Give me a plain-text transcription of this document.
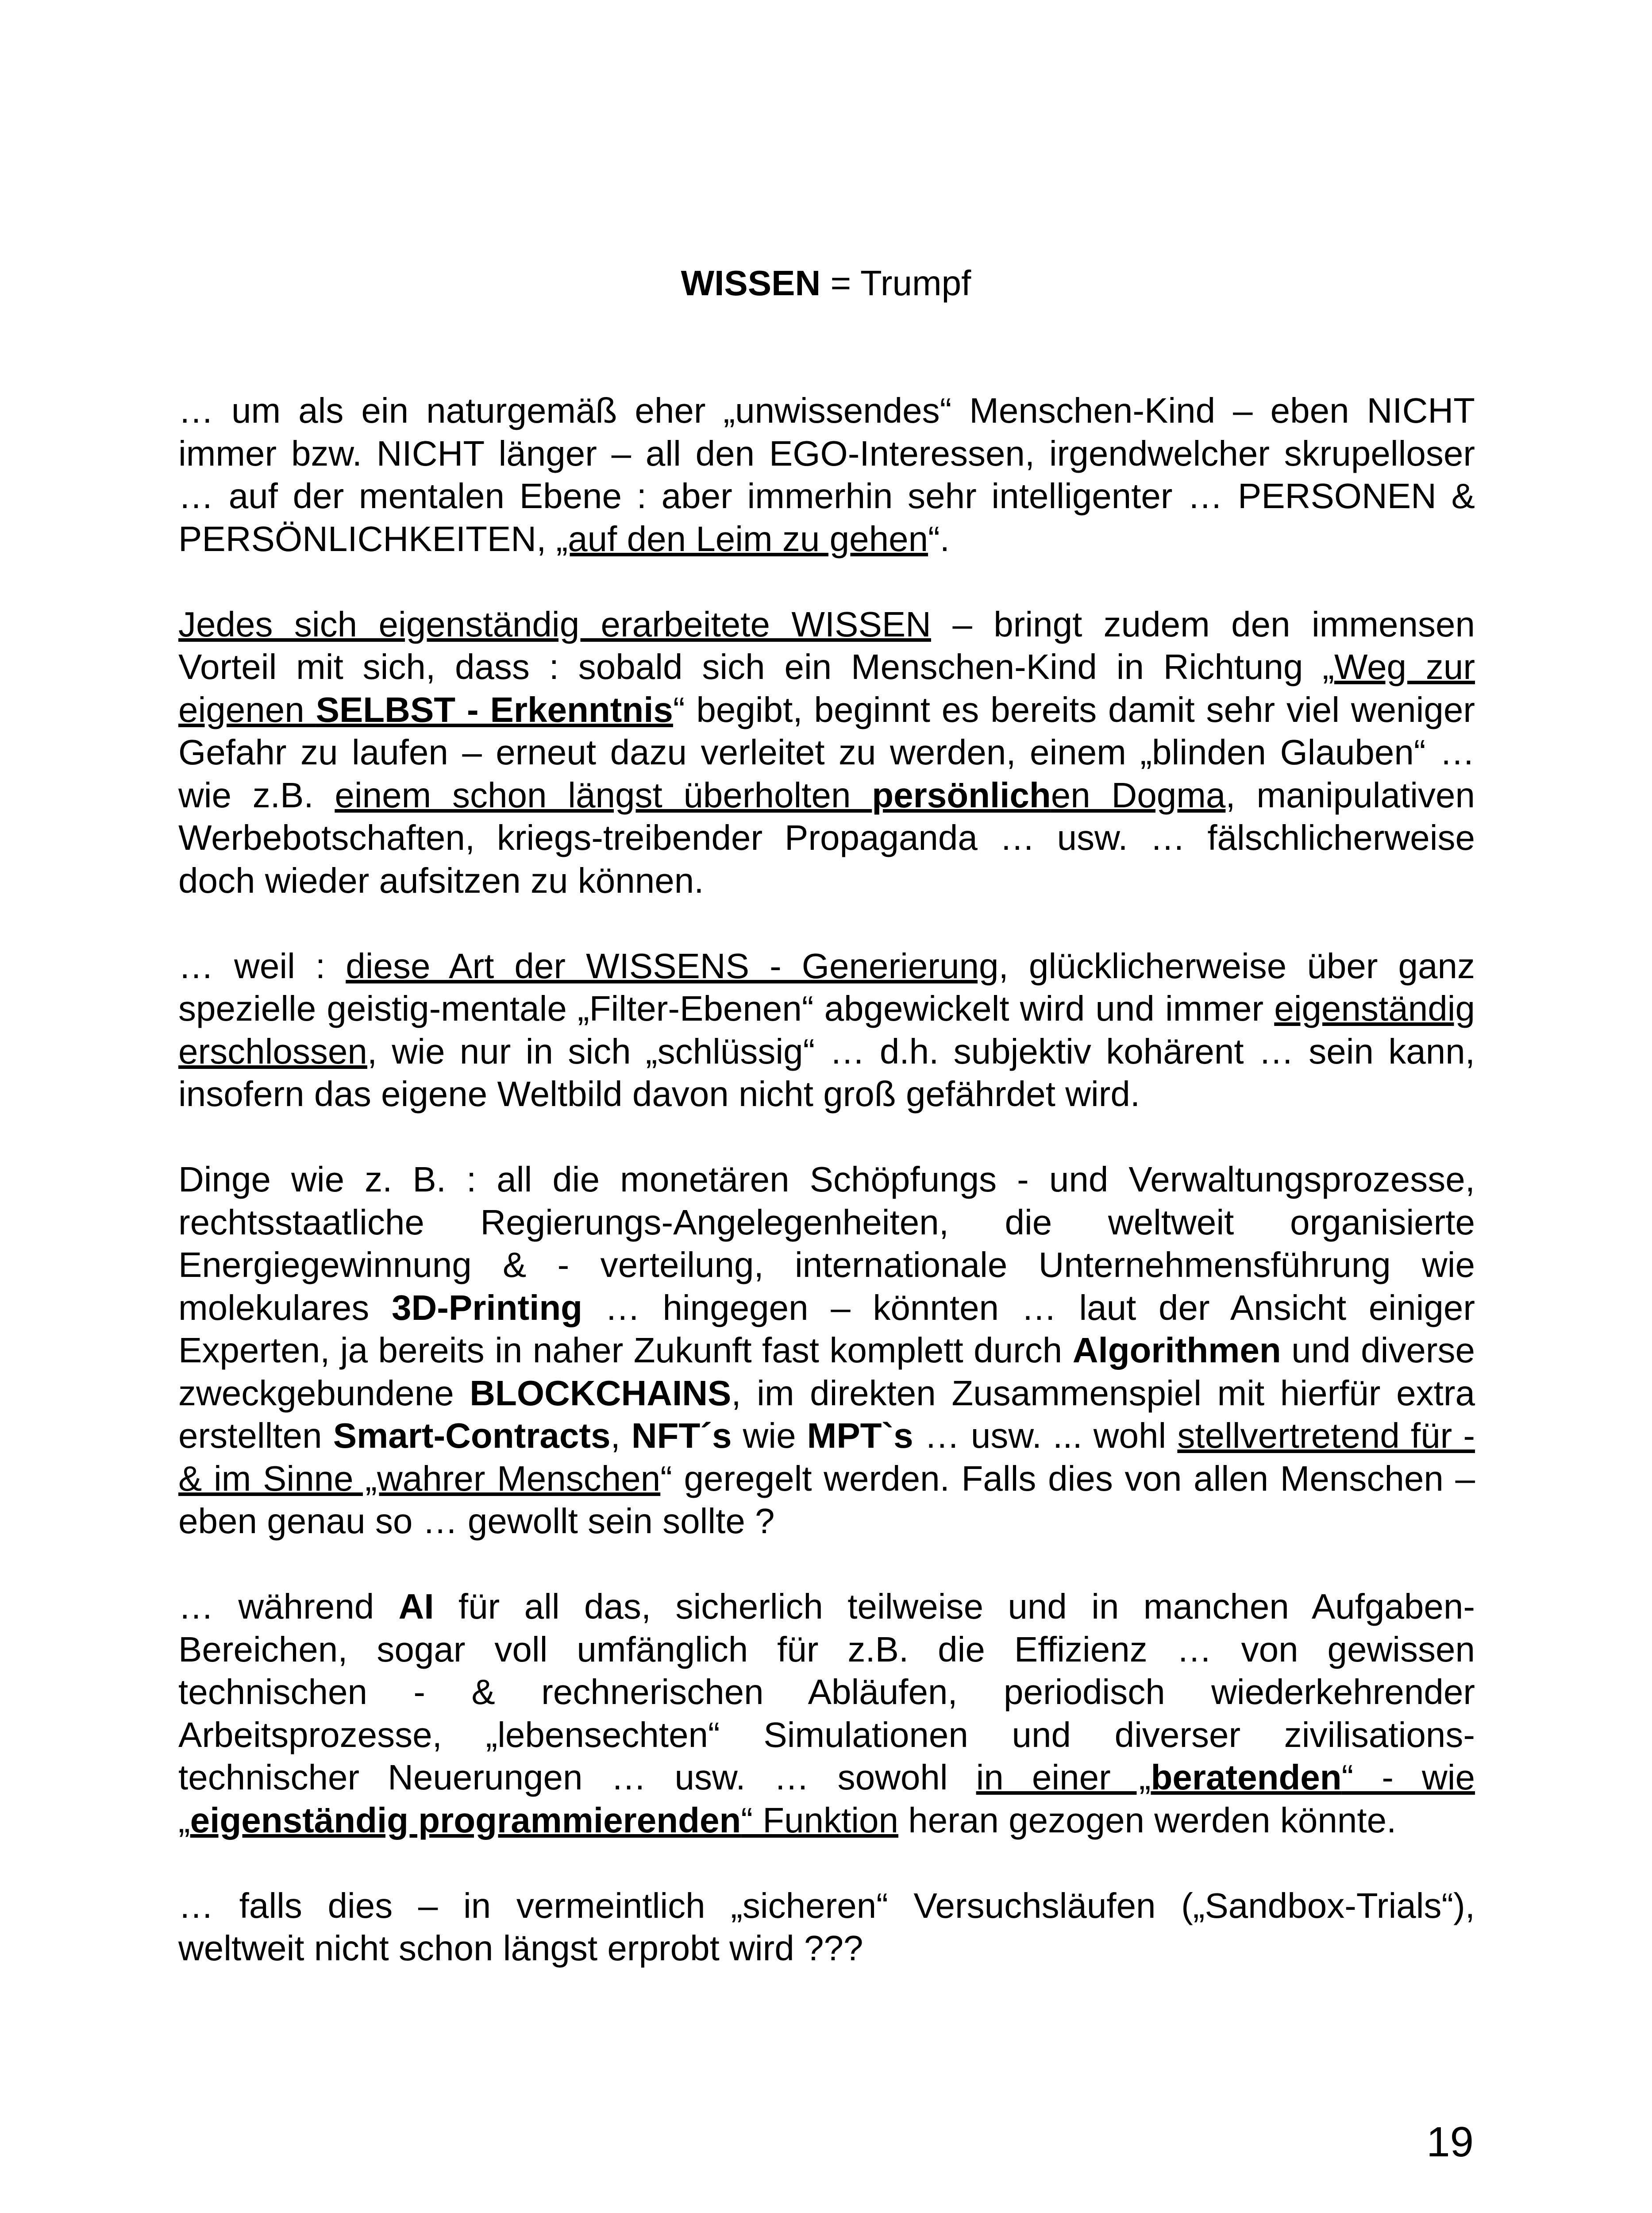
WISSEN = Trumpf

… um als ein naturgemäß eher „unwissendes“ Menschen-Kind – eben NICHT immer bzw. NICHT länger – all den EGO-Interessen, irgendwelcher skrupelloser … auf der mentalen Ebene : aber immerhin sehr intelligenter … PERSONEN & PERSÖNLICHKEITEN, „auf den Leim zu gehen“.

Jedes sich eigenständig erarbeitete WISSEN – bringt zudem den immensen Vorteil mit sich, dass : sobald sich ein Menschen-Kind in Richtung „Weg zur eigenen SELBST - Erkenntnis“ begibt, beginnt es bereits damit sehr viel weniger Gefahr zu laufen – erneut dazu verleitet zu werden, einem „blinden Glauben“ … wie z.B. einem schon längst überholten persönlichen Dogma, manipulativen Werbebotschaften, kriegs-treibender Propaganda … usw. … fälschlicherweise doch wieder aufsitzen zu können.

… weil : diese Art der WISSENS - Generierung, glücklicherweise über ganz spezielle geistig-mentale „Filter-Ebenen“ abgewickelt wird und immer eigenständig erschlossen, wie nur in sich „schlüssig“ … d.h. subjektiv kohärent … sein kann, insofern das eigene Weltbild davon nicht groß gefährdet wird.

Dinge wie z. B. : all die monetären Schöpfungs - und Verwaltungsprozesse, rechtsstaatliche Regierungs-Angelegenheiten, die weltweit organisierte Energiegewinnung & - verteilung, internationale Unternehmensführung wie molekulares 3D-Printing … hingegen – könnten … laut der Ansicht einiger Experten, ja bereits in naher Zukunft fast komplett durch Algorithmen und diverse zweckgebundene BLOCKCHAINS, im direkten Zusammenspiel mit hierfür extra erstellten Smart-Contracts, NFT´s wie MPT`s … usw. ... wohl stellvertretend für - & im Sinne „wahrer Menschen“ geregelt werden. Falls dies von allen Menschen – eben genau so … gewollt sein sollte ?

… während AI für all das, sicherlich teilweise und in manchen Aufgaben-Bereichen, sogar voll umfänglich für z.B. die Effizienz … von gewissen technischen - & rechnerischen Abläufen, periodisch wiederkehrender Arbeitsprozesse, „lebensechten“ Simulationen und diverser zivilisations-technischer Neuerungen … usw. … sowohl in einer „beratenden“ - wie „eigenständig programmierenden“ Funktion heran gezogen werden könnte.

… falls dies – in vermeintlich „sicheren“ Versuchsläufen („Sandbox-Trials“), weltweit nicht schon längst erprobt wird ???

19
